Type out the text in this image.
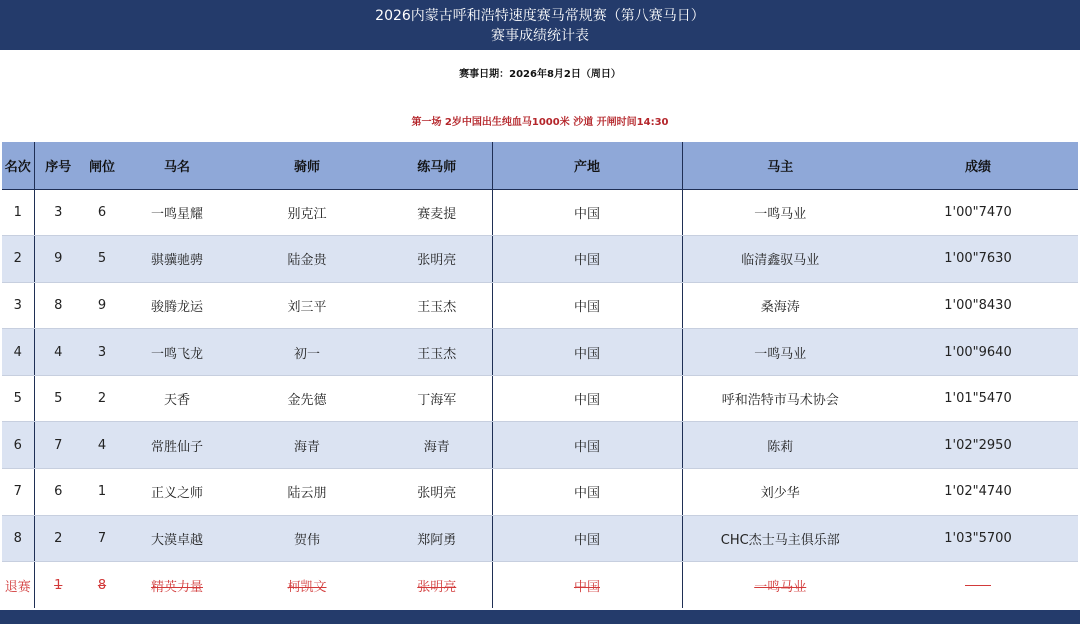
2026内蒙古呼和浩特速度赛马常规赛（第八赛马日）
赛事成绩统计表
赛事日期：2026年8月2日（周日）
第一场 2岁中国出生纯血马1000米 沙道 开闸时间14:30
名次	序号	闸位	马名	骑师	练马师	产地	马主	成绩
1	3	6	一鸣星耀	别克江	赛麦提	中国	一鸣马业	1'00"7470
2	9	5	骐骥驰骋	陆金贵	张明亮	中国	临清鑫驭马业	1'00"7630
3	8	9	骏腾龙运	刘三平	王玉杰	中国	桑海涛	1'00"8430
4	4	3	一鸣飞龙	初一	王玉杰	中国	一鸣马业	1'00"9640
5	5	2	天香	金先德	丁海军	中国	呼和浩特市马术协会	1'01"5470
6	7	4	常胜仙子	海青	海青	中国	陈莉	1'02"2950
7	6	1	正义之师	陆云朋	张明亮	中国	刘少华	1'02"4740
8	2	7	大漠卓越	贺伟	郑阿勇	中国	CHC杰士马主俱乐部	1'03"5700
退赛	1	8	精英力量	柯凯文	张明亮	中国	一鸣马业	——
